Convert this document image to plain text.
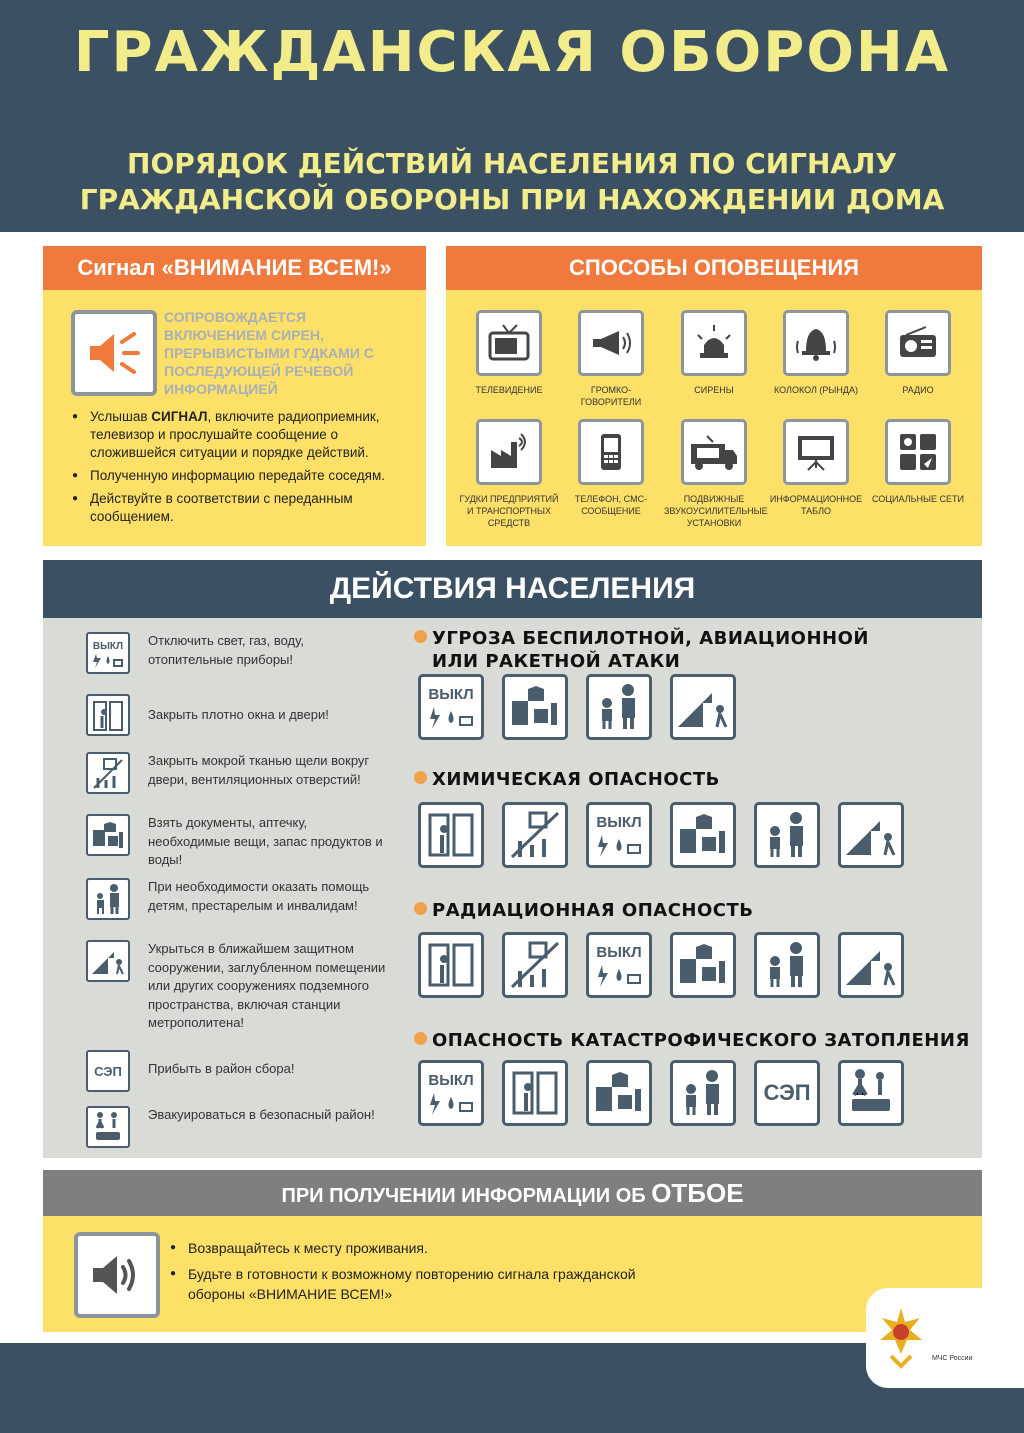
ГРАЖДАНСКАЯ ОБОРОНА
ПОРЯДОК ДЕЙСТВИЙ НАСЕЛЕНИЯ ПО СИГНАЛУ
ГРАЖДАНСКОЙ ОБОРОНЫ ПРИ НАХОЖДЕНИИ ДОМА
Сигнал «ВНИМАНИЕ ВСЕМ!»
СОПРОВОЖДАЕТСЯ ВКЛЮЧЕНИЕМ СИРЕН, ПРЕРЫВИСТЫМИ ГУДКАМИ С ПОСЛЕДУЮЩЕЙ РЕЧЕВОЙ ИНФОРМАЦИЕЙ
● Услышав СИГНАЛ, включите радиоприемник, телевизор и прослушайте сообщение о сложившейся ситуации и порядке действий.
● Полученную информацию передайте соседям.
● Действуйте в соответствии с переданным сообщением.
СПОСОБЫ ОПОВЕЩЕНИЯ
ТЕЛЕВИДЕНИЕ	ГРОМКО-ГОВОРИТЕЛИ
СИРЕНЫ	КОЛОКОЛ (РЫНДА)	РАДИО
ГУДКИ ПРЕДПРИЯТИЙ И ТРАНСПОРТНЫХ СРЕДСТВ
ТЕЛЕФОН, СМС-СООБЩЕНИЕ
ПОДВИЖНЫЕ ЗВУКОУСИЛИТЕЛЬНЫЕ УСТАНОВКИ
ИНФОРМАЦИОННОЕ ТАБЛО
СОЦИАЛЬНЫЕ СЕТИ
ДЕЙСТВИЯ НАСЕЛЕНИЯ
ВЫКЛ Отключить свет, газ, воду, отопительные приборы!
Закрыть плотно окна и двери!
Закрыть мокрой тканью щели вокруг двери, вентиляционных отверстий!
Взять документы, аптечку, необходимые вещи, запас продуктов и воды!
При необходимости оказать помощь детям, престарелым и инвалидам!
Укрыться в ближайшем защитном сооружении, заглубленном помещении или других сооружениях подземного пространства, включая станции метрополитена!
СЭП Прибыть в район сбора!
Эвакуироваться в безопасный район!
УГРОЗА БЕСПИЛОТНОЙ, АВИАЦИОННОЙ
ИЛИ РАКЕТНОЙ АТАКИ
ВЫКЛ
ХИМИЧЕСКАЯ ОПАСНОСТЬ
ВЫКЛ
РАДИАЦИОННАЯ ОПАСНОСТЬ
ВЫКЛ
ОПАСНОСТЬ КАТАСТРОФИЧЕСКОГО ЗАТОПЛЕНИЯ
ВЫКЛ	СЭП
ПРИ ПОЛУЧЕНИИ ИНФОРМАЦИИ ОБ ОТБОЕ
● Возвращайтесь к месту проживания.
● Будьте в готовности к возможному повторению сигнала гражданской обороны «ВНИМАНИЕ ВСЕМ!»
МЧС России
